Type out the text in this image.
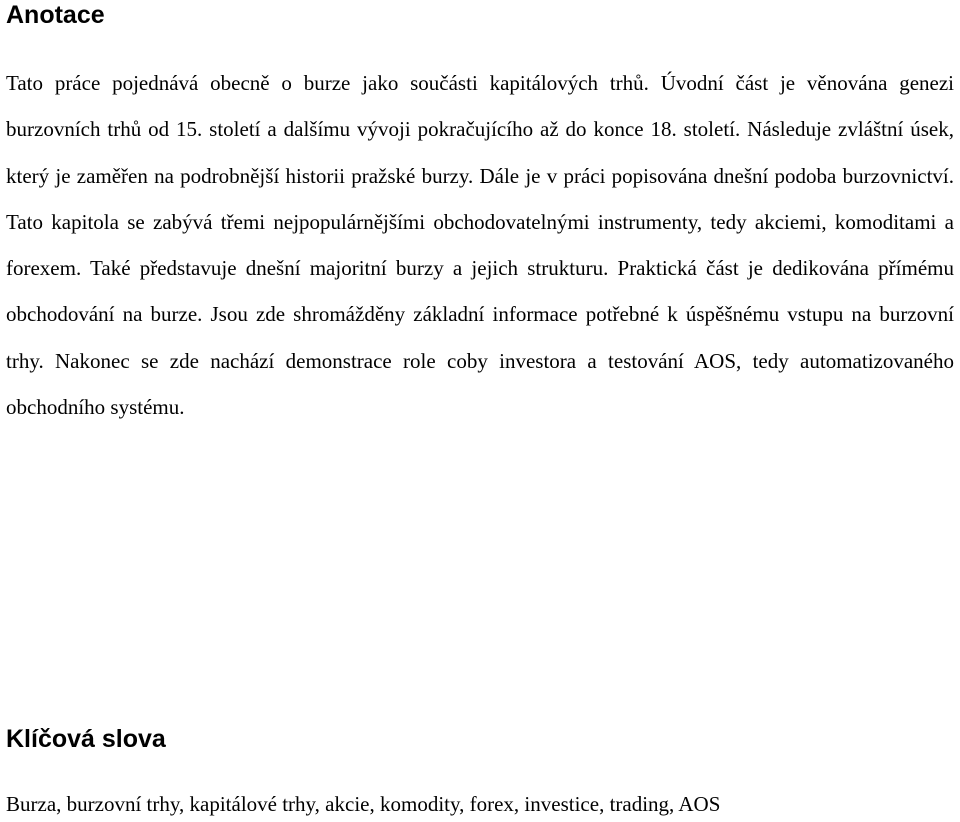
Anotace

Tato práce pojednává obecně o burze jako součásti kapitálových trhů. Úvodní část je věnována genezi burzovních trhů od 15. století a dalšímu vývoji pokračujícího až do konce 18. století. Následuje zvláštní úsek, který je zaměřen na podrobnější historii pražské burzy. Dále je v práci popisována dnešní podoba burzovnictví. Tato kapitola se zabývá třemi nejpopulárnějšími obchodovatelnými instrumenty, tedy akciemi, komoditami a forexem. Také představuje dnešní majoritní burzy a jejich strukturu. Praktická část je dedikována přímému obchodování na burze. Jsou zde shromážděny základní informace potřebné k úspěšnému vstupu na burzovní trhy. Nakonec se zde nachází demonstrace role coby investora a testování AOS, tedy automatizovaného obchodního systému.

Klíčová slova

Burza, burzovní trhy, kapitálové trhy, akcie, komodity, forex, investice, trading, AOS
